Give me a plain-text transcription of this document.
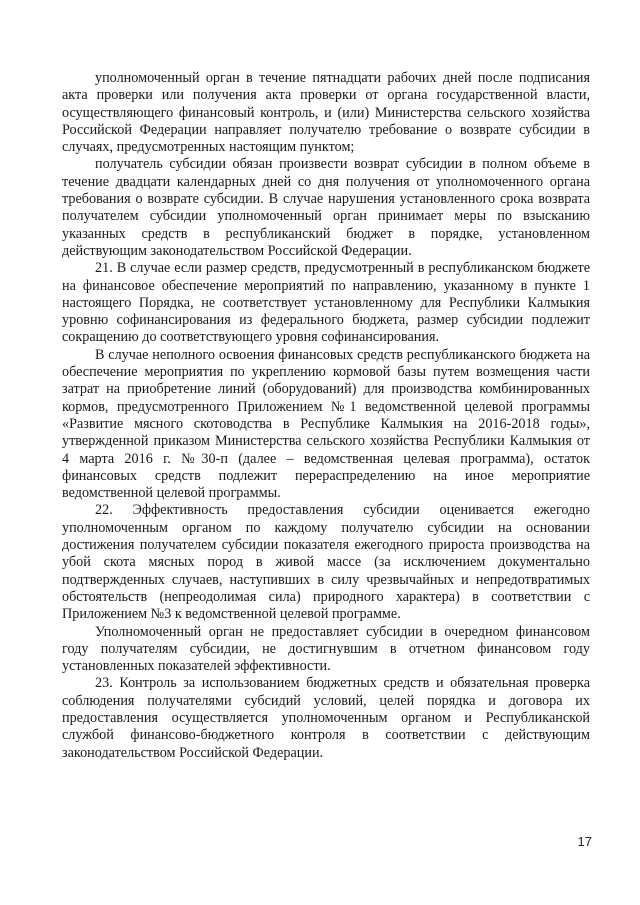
уполномоченный орган в течение пятнадцати рабочих дней после подписания акта проверки или получения акта проверки от органа государственной власти, осуществляющего финансовый контроль, и (или) Министерства сельского хозяйства Российской Федерации направляет получателю требование о возврате субсидии в случаях, предусмотренных настоящим пунктом;

получатель субсидии обязан произвести возврат субсидии в полном объеме в течение двадцати календарных дней со дня получения от уполномоченного органа требования о возврате субсидии. В случае нарушения установленного срока возврата получателем субсидии уполномоченный орган принимает меры по взысканию указанных средств в республиканский бюджет в порядке, установленном действующим законодательством Российской Федерации.

21. В случае если размер средств, предусмотренный в республиканском бюджете на финансовое обеспечение мероприятий по направлению, указанному в пункте 1 настоящего Порядка, не соответствует установленному для Республики Калмыкия уровню софинансирования из федерального бюджета, размер субсидии подлежит сокращению до соответствующего уровня софинансирования.

В случае неполного освоения финансовых средств республиканского бюджета на обеспечение мероприятия по укреплению кормовой базы путем возмещения части затрат на приобретение линий (оборудований) для производства комбинированных кормов, предусмотренного Приложением №1 ведомственной целевой программы «Развитие мясного скотоводства в Республике Калмыкия на 2016-2018 годы», утвержденной приказом Министерства сельского хозяйства Республики Калмыкия от 4 марта 2016 г. №30-п (далее – ведомственная целевая программа), остаток финансовых средств подлежит перераспределению на иное мероприятие ведомственной целевой программы.

22. Эффективность предоставления субсидии оценивается ежегодно уполномоченным органом по каждому получателю субсидии на основании достижения получателем субсидии показателя ежегодного прироста производства на убой скота мясных пород в живой массе (за исключением документально подтвержденных случаев, наступивших в силу чрезвычайных и непредотвратимых обстоятельств (непреодолимая сила) природного характера) в соответствии с Приложением №3 к ведомственной целевой программе.

Уполномоченный орган не предоставляет субсидии в очередном финансовом году получателям субсидии, не достигнувшим в отчетном финансовом году установленных показателей эффективности.

23. Контроль за использованием бюджетных средств и обязательная проверка соблюдения получателями субсидий условий, целей порядка и договора их предоставления осуществляется уполномоченным органом и Республиканской службой финансово-бюджетного контроля в соответствии с действующим законодательством Российской Федерации.

17
